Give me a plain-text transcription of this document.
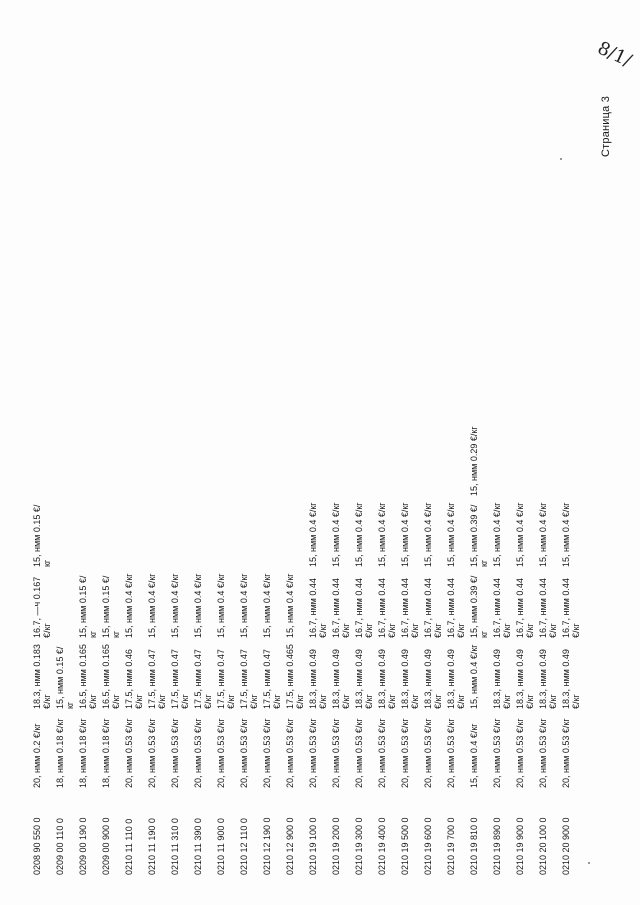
8/1/
0208 90 550 0	20, нмм 0.2 €/кг	18.3, нмм 0.183 €/кг	16.7, —ч 0.167 €/кг	15, нмм 0.15 €/кг	
0209 00 110 0	18, нмм 0.18 €/кг	15, нмм 0.15 €/кг			
0209 00 190 0	18, нмм 0.18 €/кг	16.5, нмм 0.165 €/кг	15, нмм 0.15 €/кг		
0209 00 900 0	18, нмм 0.18 €/кг	16.5, нмм 0.165 €/кг	15, нмм 0.15 €/кг		
0210 11 110 0	20, нмм 0.53 €/кг	17.5, нмм 0.46 €/кг	15, нмм 0.4 €/кг		
0210 11 190 0	20, нмм 0.53 €/кг	17.5, нмм 0.47 €/кг	15, нмм 0.4 €/кг		
0210 11 310 0	20, нмм 0.53 €/кг	17.5, нмм 0.47 €/кг	15, нмм 0.4 €/кг		
0210 11 390 0	20, нмм 0.53 €/кг	17.5, нмм 0.47 €/кг	15, нмм 0.4 €/кг		
0210 11 900 0	20, нмм 0.53 €/кг	17.5, нмм 0.47 €/кг	15, нмм 0.4 €/кг		
0210 12 110 0	20, нмм 0.53 €/кг	17.5, нмм 0.47 €/кг	15, нмм 0.4 €/кг		
0210 12 190 0	20, нмм 0.53 €/кг	17.5, нмм 0.47 €/кг	15, нмм 0.4 €/кг		
0210 12 900 0	20, нмм 0.53 €/кг	17.5, нмм 0.465 €/кг	15, нмм 0.4 €/кг		
0210 19 100 0	20, нмм 0.53 €/кг	18.3, нмм 0.49 €/кг	16.7, нмм 0.44 €/кг	15, нмм 0.4 €/кг	
0210 19 200 0	20, нмм 0.53 €/кг	18.3, нмм 0.49 €/кг	16.7, нмм 0.44 €/кг	15, нмм 0.4 €/кг	
0210 19 300 0	20, нмм 0.53 €/кг	18.3, нмм 0.49 €/кг	16.7, нмм 0.44 €/кг	15, нмм 0.4 €/кг	
0210 19 400 0	20, нмм 0.53 €/кг	18.3, нмм 0.49 €/кг	16.7, нмм 0.44 €/кг	15, нмм 0.4 €/кг	
0210 19 500 0	20, нмм 0.53 €/кг	18.3, нмм 0.49 €/кг	16.7, нмм 0.44 €/кг	15, нмм 0.4 €/кг	
0210 19 600 0	20, нмм 0.53 €/кг	18.3, нмм 0.49 €/кг	16.7, нмм 0.44 €/кг	15, нмм 0.4 €/кг	
0210 19 700 0	20, нмм 0.53 €/кг	18.3, нмм 0.49 €/кг	16.7, нмм 0.44 €/кг	15, нмм 0.4 €/кг	
0210 19 810 0	15, нмм 0.4 €/кг	15, нмм 0.4 €/кг	15, нмм 0.39 €/кг	15, нмм 0.39 €/кг	15, нмм 0.29 €/кг
0210 19 890 0	20, нмм 0.53 €/кг	18.3, нмм 0.49 €/кг	16.7, нмм 0.44 €/кг	15, нмм 0.4 €/кг	
0210 19 900 0	20, нмм 0.53 €/кг	18.3, нмм 0.49 €/кг	16.7, нмм 0.44 €/кг	15, нмм 0.4 €/кг	
0210 20 100 0	20, нмм 0.53 €/кг	18.3, нмм 0.49 €/кг	16.7, нмм 0.44 €/кг	15, нмм 0.4 €/кг	
0210 20 900 0	20, нмм 0.53 €/кг	18.3, нмм 0.49 €/кг	16.7, нмм 0.44 €/кг	15, нмм 0.4 €/кг	
Страница 3
